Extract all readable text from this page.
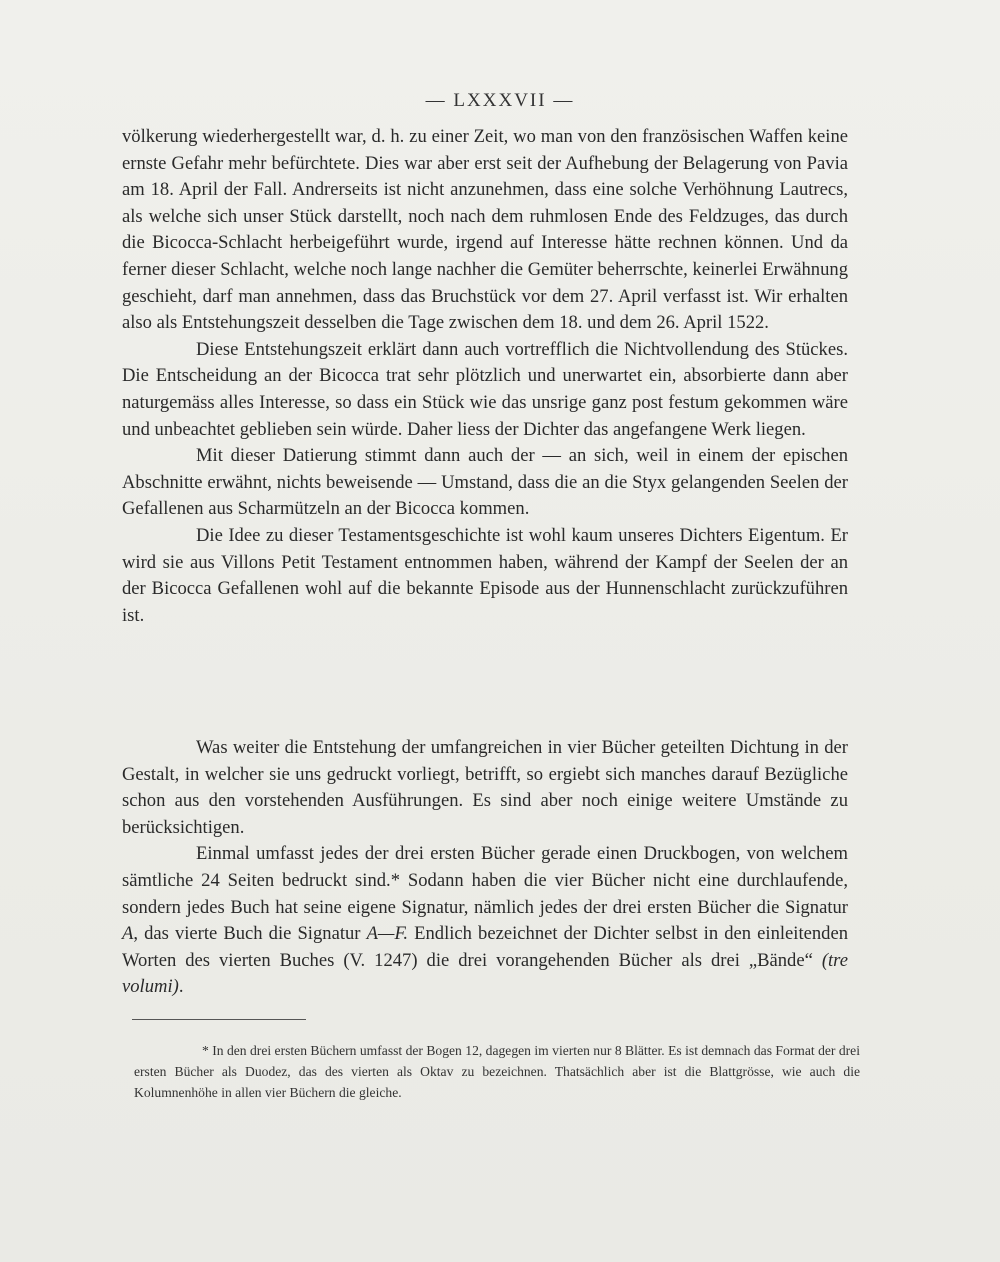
— LXXXVII —

völkerung wiederhergestellt war, d. h. zu einer Zeit, wo man von den französischen Waffen keine ernste Gefahr mehr befürchtete. Dies war aber erst seit der Aufhebung der Belagerung von Pavia am 18. April der Fall. Andrerseits ist nicht anzunehmen, dass eine solche Verhöhnung Lautrecs, als welche sich unser Stück darstellt, noch nach dem ruhmlosen Ende des Feldzuges, das durch die Bicocca-Schlacht herbeigeführt wurde, irgend auf Interesse hätte rechnen können. Und da ferner dieser Schlacht, welche noch lange nachher die Gemüter beherrschte, keinerlei Erwähnung geschieht, darf man annehmen, dass das Bruchstück vor dem 27. April verfasst ist. Wir erhalten also als Entstehungszeit desselben die Tage zwischen dem 18. und dem 26. April 1522.

Diese Entstehungszeit erklärt dann auch vortrefflich die Nichtvollendung des Stückes. Die Entscheidung an der Bicocca trat sehr plötzlich und unerwartet ein, absorbierte dann aber naturgemäss alles Interesse, so dass ein Stück wie das unsrige ganz post festum gekommen wäre und unbeachtet geblieben sein würde. Daher liess der Dichter das angefangene Werk liegen.

Mit dieser Datierung stimmt dann auch der — an sich, weil in einem der epischen Abschnitte erwähnt, nichts beweisende — Umstand, dass die an die Styx gelangenden Seelen der Gefallenen aus Scharmützeln an der Bicocca kommen.

Die Idee zu dieser Testamentsgeschichte ist wohl kaum unseres Dichters Eigentum. Er wird sie aus Villons Petit Testament entnommen haben, während der Kampf der Seelen der an der Bicocca Gefallenen wohl auf die bekannte Episode aus der Hunnenschlacht zurückzuführen ist.

Was weiter die Entstehung der umfangreichen in vier Bücher geteilten Dichtung in der Gestalt, in welcher sie uns gedruckt vorliegt, betrifft, so ergiebt sich manches darauf Bezügliche schon aus den vorstehenden Ausführungen. Es sind aber noch einige weitere Umstände zu berücksichtigen.

Einmal umfasst jedes der drei ersten Bücher gerade einen Druckbogen, von welchem sämtliche 24 Seiten bedruckt sind.* Sodann haben die vier Bücher nicht eine durchlaufende, sondern jedes Buch hat seine eigene Signatur, nämlich jedes der drei ersten Bücher die Signatur A, das vierte Buch die Signatur A—F. Endlich bezeichnet der Dichter selbst in den einleitenden Worten des vierten Buches (V. 1247) die drei vorangehenden Bücher als drei „Bände“ (tre volumi).

* In den drei ersten Büchern umfasst der Bogen 12, dagegen im vierten nur 8 Blätter. Es ist demnach das Format der drei ersten Bücher als Duodez, das des vierten als Oktav zu bezeichnen. Thatsächlich aber ist die Blattgrösse, wie auch die Kolumnenhöhe in allen vier Büchern die gleiche.
